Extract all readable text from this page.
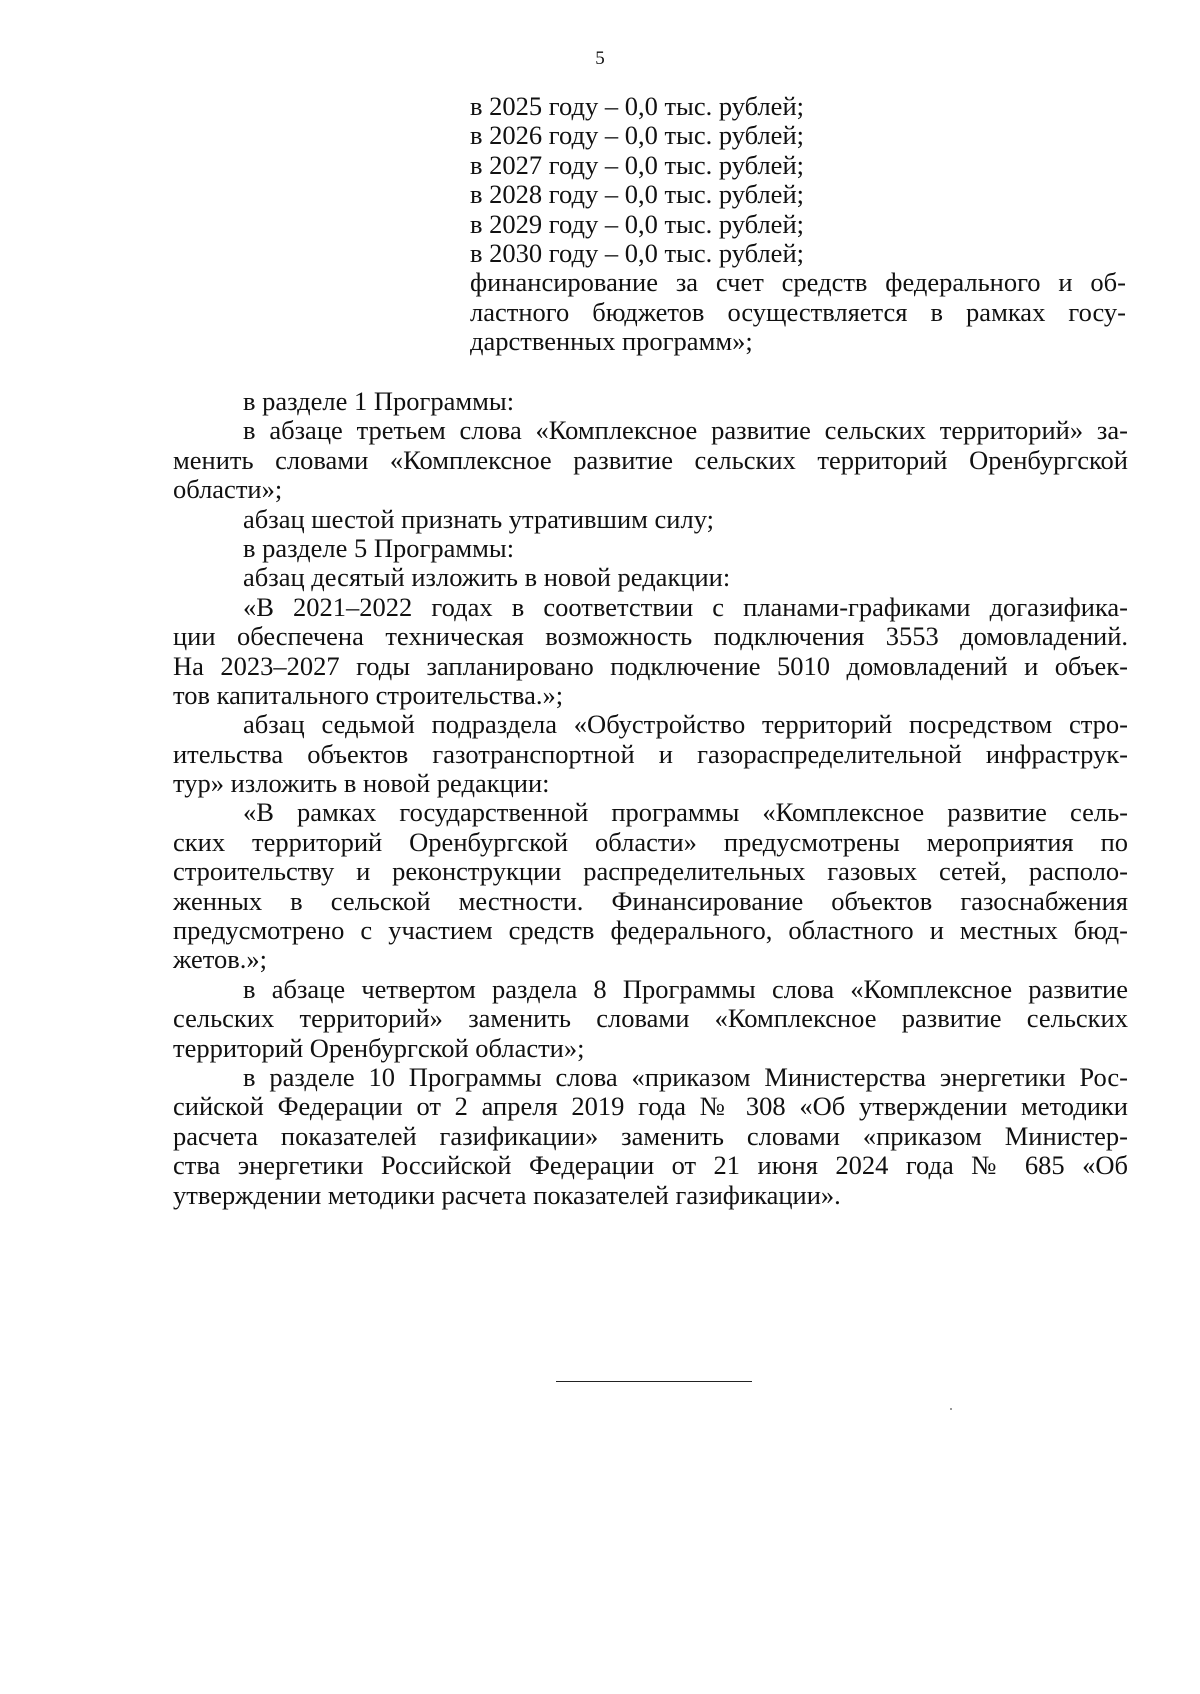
5
в 2025 году – 0,0 тыс. рублей;
в 2026 году – 0,0 тыс. рублей;
в 2027 году – 0,0 тыс. рублей;
в 2028 году – 0,0 тыс. рублей;
в 2029 году – 0,0 тыс. рублей;
в 2030 году – 0,0 тыс. рублей;
финансирование за счет средств федерального и об-
ластного бюджетов осуществляется в рамках госу-
дарственных программ»;
в разделе 1 Программы:
в абзаце третьем слова «Комплексное развитие сельских территорий» за-
менить словами «Комплексное развитие сельских территорий Оренбургской
области»;
абзац шестой признать утратившим силу;
в разделе 5 Программы:
абзац десятый изложить в новой редакции:
«В 2021–2022 годах в соответствии с планами-графиками догазифика-
ции обеспечена техническая возможность подключения 3553 домовладений.
На 2023–2027 годы запланировано подключение 5010 домовладений и объек-
тов капитального строительства.»;
абзац седьмой подраздела «Обустройство территорий посредством стро-
ительства объектов газотранспортной и газораспределительной инфраструк-
тур» изложить в новой редакции:
«В рамках государственной программы «Комплексное развитие сель-
ских территорий Оренбургской области» предусмотрены мероприятия по
строительству и реконструкции распределительных газовых сетей, располо-
женных в сельской местности. Финансирование объектов газоснабжения
предусмотрено с участием средств федерального, областного и местных бюд-
жетов.»;
в абзаце четвертом раздела 8 Программы слова «Комплексное развитие
сельских территорий» заменить словами «Комплексное развитие сельских
территорий Оренбургской области»;
в разделе 10 Программы слова «приказом Министерства энергетики Рос-
сийской Федерации от 2 апреля 2019 года № 308 «Об утверждении методики
расчета показателей газификации» заменить словами «приказом Министер-
ства энергетики Российской Федерации от 21 июня 2024 года № 685 «Об
утверждении методики расчета показателей газификации».
